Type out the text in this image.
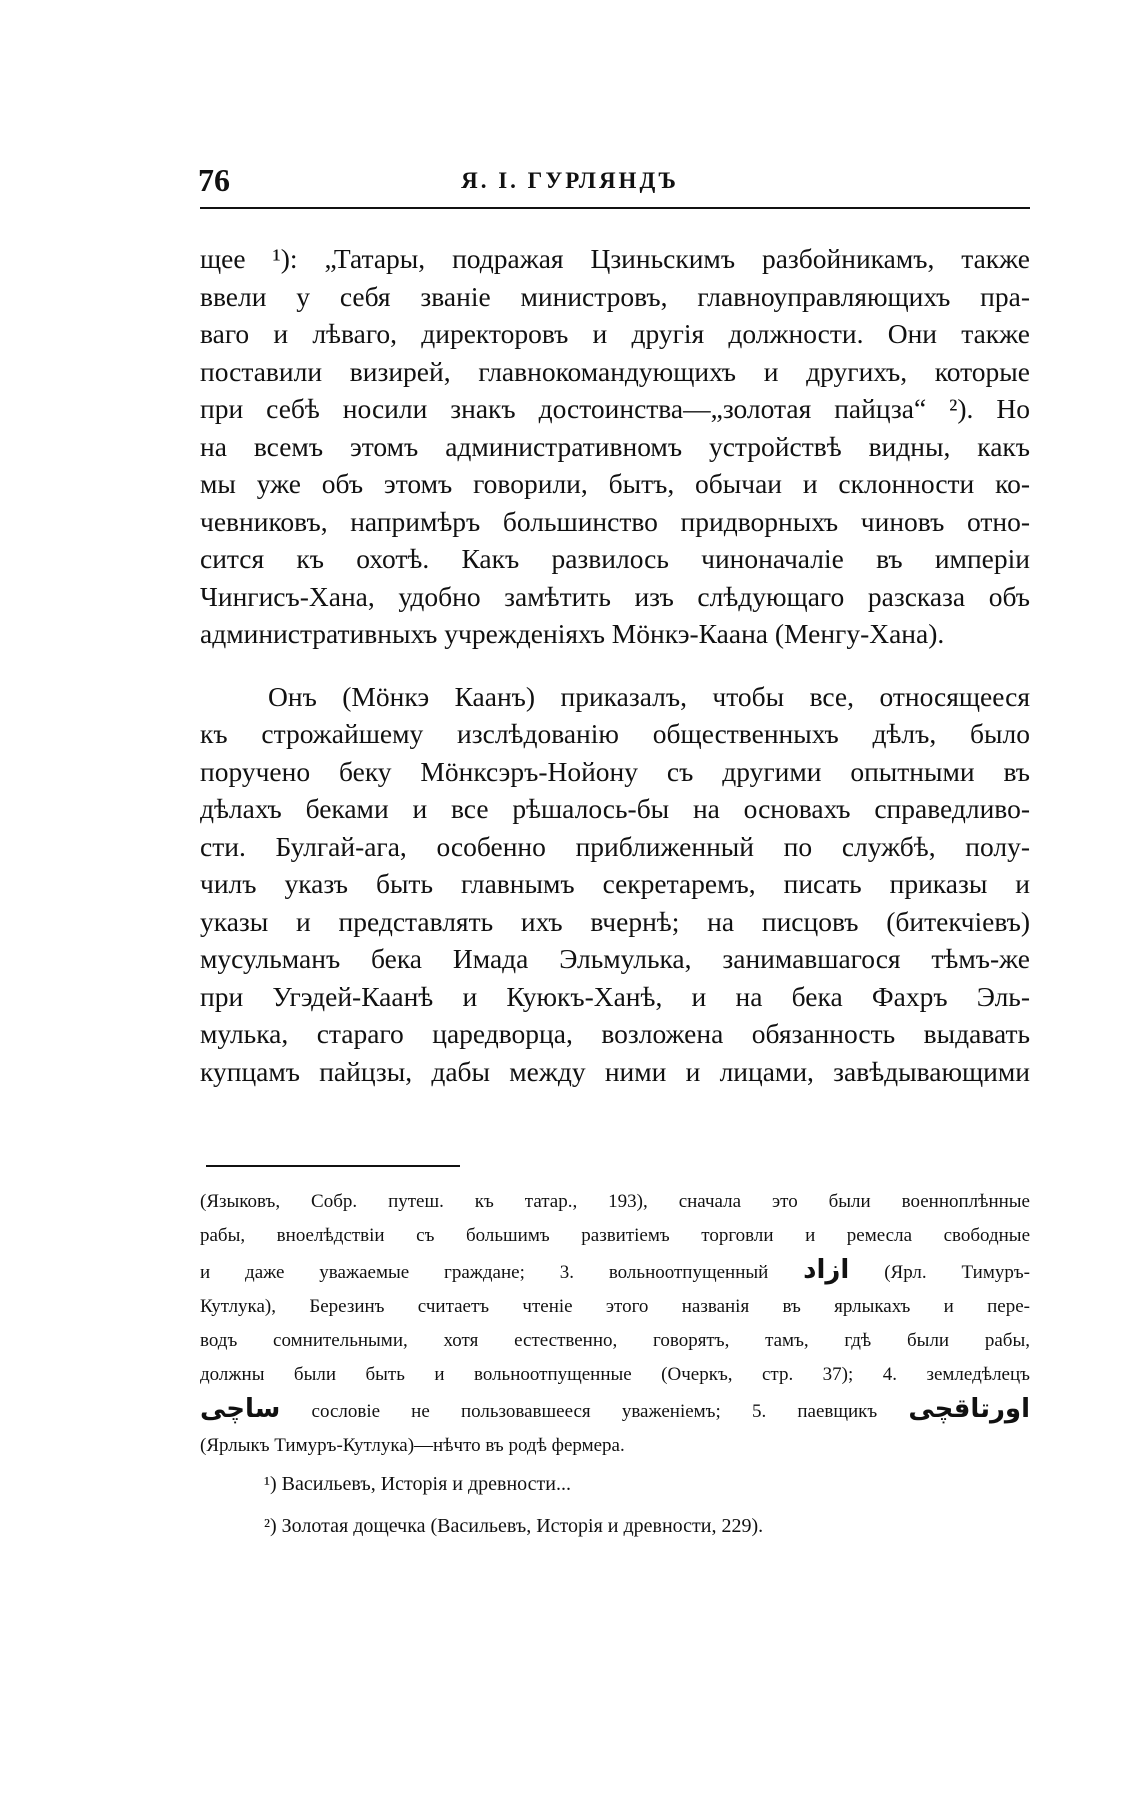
76	Я. І. ГУРЛЯНДЪ
щее ¹): „Татары, подражая Цзиньскимъ разбойникамъ, также
ввели у себя званіе министровъ, главноуправляющихъ пра-
ваго и лѣваго, директоровъ и другія должности. Они также
поставили визирей, главнокомандующихъ и другихъ, которые
при себѣ носили знакъ достоинства—„золотая пайцза“ ²). Но
на всемъ этомъ административномъ устройствѣ видны, какъ
мы уже объ этомъ говорили, бытъ, обычаи и склонности ко-
чевниковъ, напримѣръ большинство придворныхъ чиновъ отно-
сится къ охотѣ. Какъ развилось чиноначаліе въ имперіи
Чингисъ-Хана, удобно замѣтить изъ слѣдующаго разсказа объ
административныхъ учрежденіяхъ Мöнкэ-Каана (Менгу-Хана).
Онъ (Мöнкэ Каанъ) приказалъ, чтобы все, относящееся
къ строжайшему изслѣдованію общественныхъ дѣлъ, было
поручено беку Мöнксэръ-Нойону съ другими опытными въ
дѣлахъ беками и все рѣшалось-бы на основахъ справедливо-
сти. Булгай-ага, особенно приближенный по службѣ, полу-
чилъ указъ быть главнымъ секретаремъ, писать приказы и
указы и представлять ихъ вчернѣ; на писцовъ (битекчіевъ)
мусульманъ бека Имада Эльмулька, занимавшагося тѣмъ-же
при Угэдей-Каанѣ и Куюкъ-Ханѣ, и на бека Фахръ Эль-
мулька, стараго царедворца, возложена обязанность выдавать
купцамъ пайцзы, дабы между ними и лицами, завѣдывающими
(Языковъ, Собр. путеш. къ татар., 193), сначала это были военноплѣнные
рабы, вноелѣдствіи съ большимъ развитіемъ торговли и ремесла свободные
и даже уважаемые граждане; 3. вольноотпущенный ازاد (Ярл. Тимуръ-
Кутлука), Березинъ считаетъ чтеніе этого названія въ ярлыкахъ и пере-
водъ сомнительными, хотя естественно, говорятъ, тамъ, гдѣ были рабы,
должны были быть и вольноотпущенные (Очеркъ, стр. 37); 4. земледѣлецъ
ساچى сословіе не пользовавшееся уваженіемъ; 5. паевщикъ اورتاقچى
(Ярлыкъ Тимуръ-Кутлука)—нѣчто въ родѣ фермера.
¹) Васильевъ, Исторія и древности...
²) Золотая дощечка (Васильевъ, Исторія и древности, 229).
